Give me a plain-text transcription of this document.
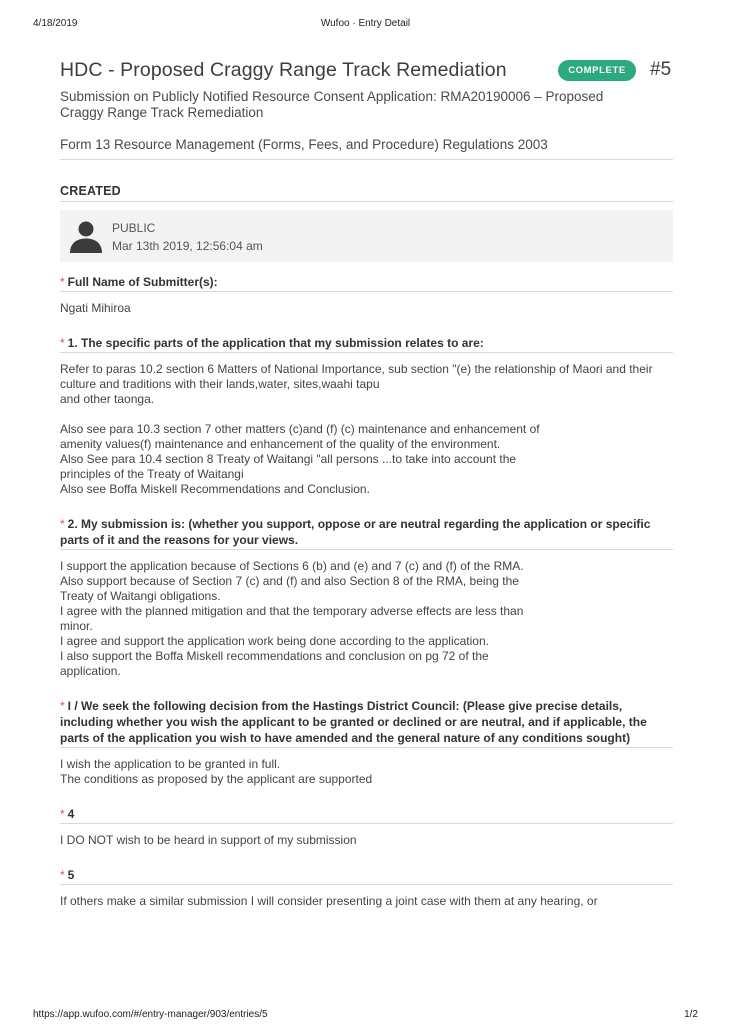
4/18/2019	Wufoo · Entry Detail
HDC - Proposed Craggy Range Track Remediation	COMPLETE	#5
Submission on Publicly Notified Resource Consent Application: RMA20190006 – Proposed Craggy Range Track Remediation
Form 13 Resource Management (Forms, Fees, and Procedure) Regulations 2003
CREATED
PUBLIC
Mar 13th 2019, 12:56:04 am
* Full Name of Submitter(s):

Ngati Mihiroa

* 1. The specific parts of the application that my submission relates to are:

Refer to paras 10.2 section 6 Matters of National Importance, sub section "(e) the relationship of Maori and their culture and traditions with their lands,water, sites,waahi tapu
and other taonga.

Also see para 10.3 section 7 other matters (c)and (f) (c) maintenance and enhancement of
amenity values(f) maintenance and enhancement of the quality of the environment.
Also See para 10.4 section 8 Treaty of Waitangi "all persons ...to take into account the
principles of the Treaty of Waitangi
Also see Boffa Miskell Recommendations and Conclusion.

* 2. My submission is: (whether you support, oppose or are neutral regarding the application or specific parts of it and the reasons for your views.

I support the application because of Sections 6 (b) and (e) and 7 (c) and (f) of the RMA.
Also support because of Section 7 (c) and (f) and also Section 8 of the RMA, being the
Treaty of Waitangi obligations.
I agree with the planned mitigation and that the temporary adverse effects are less than
minor.
I agree and support the application work being done according to the application.
I also support the Boffa Miskell recommendations and conclusion on pg 72 of the
application.

* I / We seek the following decision from the Hastings District Council: (Please give precise details, including whether you wish the applicant to be granted or declined or are neutral, and if applicable, the parts of the application you wish to have amended and the general nature of any conditions sought)

I wish the application to be granted in full.
The conditions as proposed by the applicant are supported

* 4

I DO NOT wish to be heard in support of my submission

* 5

If others make a similar submission I will consider presenting a joint case with them at any hearing, or

https://app.wufoo.com/#/entry-manager/903/entries/5	1/2
